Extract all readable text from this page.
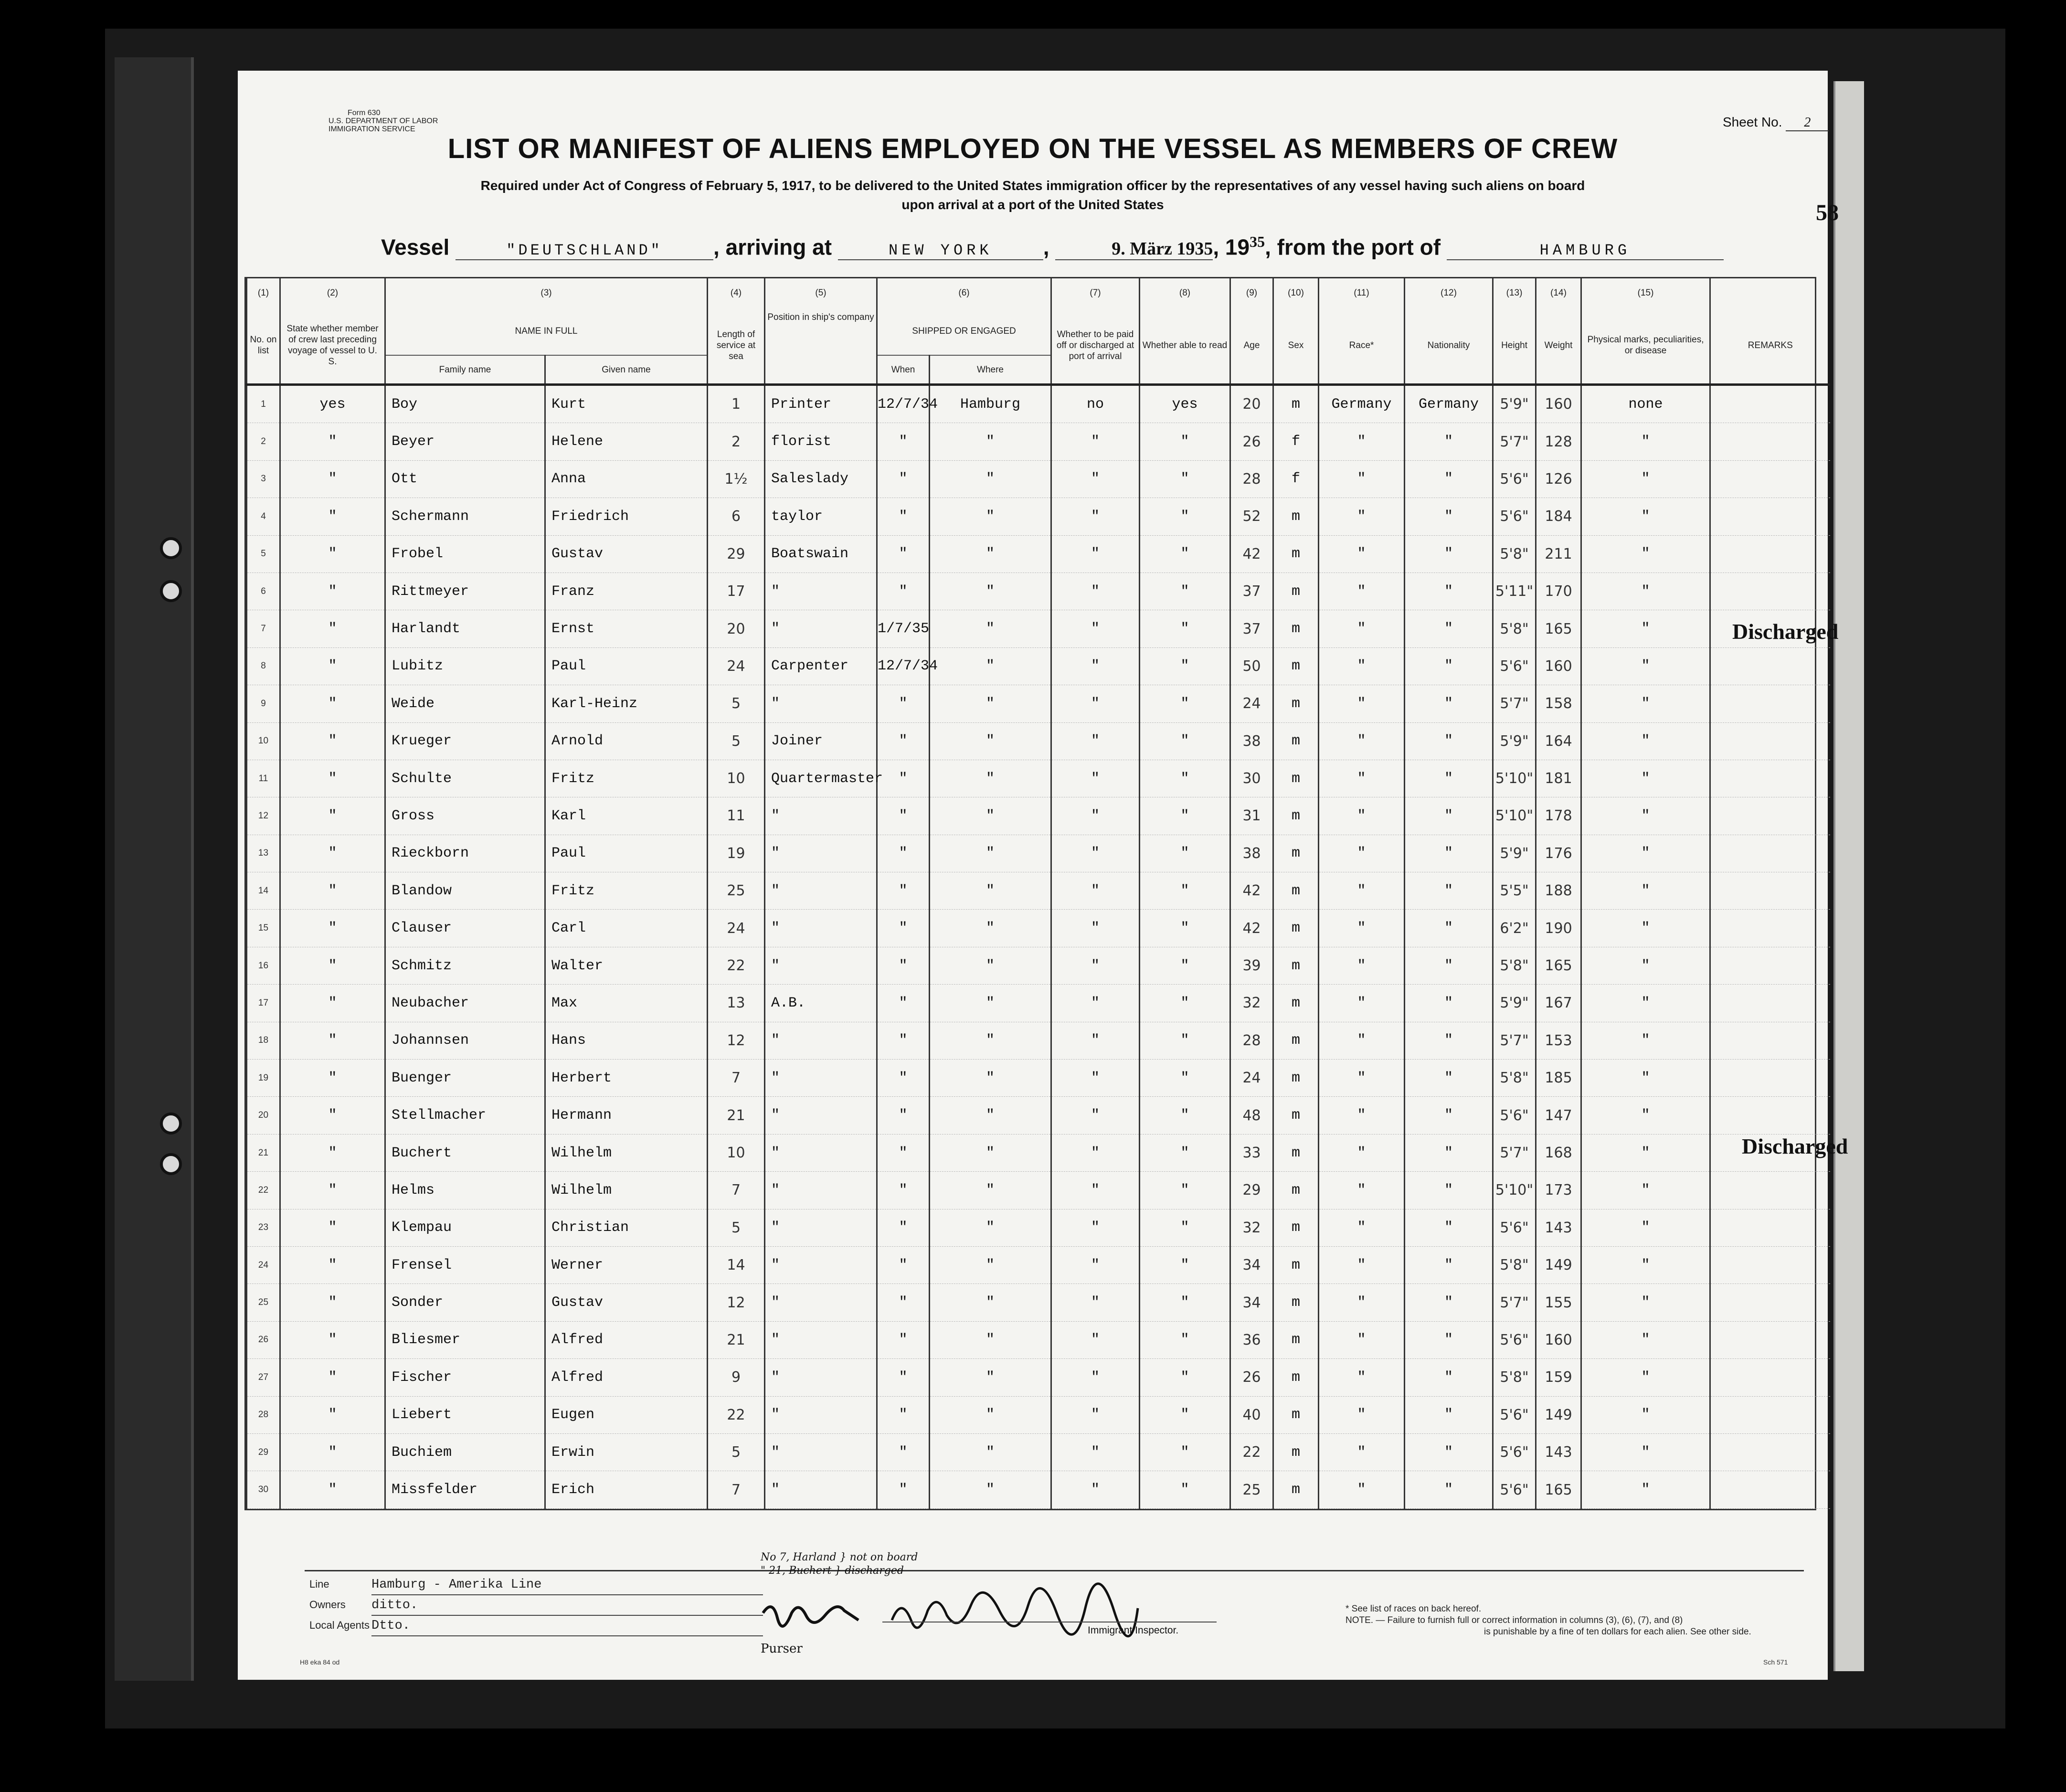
Form 630
U.S. DEPARTMENT OF LABOR
IMMIGRATION SERVICE	Sheet No. 2
58
LIST OR MANIFEST OF ALIENS EMPLOYED ON THE VESSEL AS MEMBERS OF CREW
Required under Act of Congress of February 5, 1917, to be delivered to the United States immigration officer by the representatives of any vessel having such aliens on board
upon arrival at a port of the United States
Vessel	"DEUTSCHLAND" , arriving at	NEW YORK ,	9. März 1935, $19^{35}$, from the port of	HAMBURG
(1)	(2)	(3)		(4)	(5)	(6)		(7)	(8)	(9)	(10)	(11)	(12)	(13)	(14)	(15)	
No. on list	State whether member of crew last preceding voyage of vessel to U. S.	NAME IN FULL		Length of service at sea	Position in ship's company	SHIPPED OR ENGAGED		Whether to be paid off or discharged at port of arrival	Whether able to read	Age	Sex	Race*	Nationality	Height	Weight	Physical marks, peculiarities, or disease	REMARKS
		Family name	Given name			When	Where										
1	yes	Boy	Kurt	1	Printer	12/7/34	Hamburg	no	yes	20	m	Germany	Germany	5'9"	160	none	
2	"	Beyer	Helene	2	florist	"	"	"	"	26	f	"	"	5'7"	128	"	
3	"	Ott	Anna	1½	Saleslady	"	"	"	"	28	f	"	"	5'6"	126	"	
4	"	Schermann	Friedrich	6	taylor	"	"	"	"	52	m	"	"	5'6"	184	"	
5	"	Frobel	Gustav	29	Boatswain	"	"	"	"	42	m	"	"	5'8"	211	"	
6	"	Rittmeyer	Franz	17	"	"	"	"	"	37	m	"	"	5'11"	170	"	
7	"	Harlandt	Ernst	20	"	1/7/35	"	"	"	37	m	"	"	5'8"	165	"	
8	"	Lubitz	Paul	24	Carpenter	12/7/34	"	"	"	50	m	"	"	5'6"	160	"	
9	"	Weide	Karl-Heinz	5	"	"	"	"	"	24	m	"	"	5'7"	158	"	
10	"	Krueger	Arnold	5	Joiner	"	"	"	"	38	m	"	"	5'9"	164	"	
11	"	Schulte	Fritz	10	Quartermaster	"	"	"	"	30	m	"	"	5'10"	181	"	
12	"	Gross	Karl	11	"	"	"	"	"	31	m	"	"	5'10"	178	"	
13	"	Rieckborn	Paul	19	"	"	"	"	"	38	m	"	"	5'9"	176	"	
14	"	Blandow	Fritz	25	"	"	"	"	"	42	m	"	"	5'5"	188	"	
15	"	Clauser	Carl	24	"	"	"	"	"	42	m	"	"	6'2"	190	"	
16	"	Schmitz	Walter	22	"	"	"	"	"	39	m	"	"	5'8"	165	"	
17	"	Neubacher	Max	13	A.B.	"	"	"	"	32	m	"	"	5'9"	167	"	
18	"	Johannsen	Hans	12	"	"	"	"	"	28	m	"	"	5'7"	153	"	
19	"	Buenger	Herbert	7	"	"	"	"	"	24	m	"	"	5'8"	185	"	
20	"	Stellmacher	Hermann	21	"	"	"	"	"	48	m	"	"	5'6"	147	"	
21	"	Buchert	Wilhelm	10	"	"	"	"	"	33	m	"	"	5'7"	168	"	
22	"	Helms	Wilhelm	7	"	"	"	"	"	29	m	"	"	5'10"	173	"	
23	"	Klempau	Christian	5	"	"	"	"	"	32	m	"	"	5'6"	143	"	
24	"	Frensel	Werner	14	"	"	"	"	"	34	m	"	"	5'8"	149	"	
25	"	Sonder	Gustav	12	"	"	"	"	"	34	m	"	"	5'7"	155	"	
26	"	Bliesmer	Alfred	21	"	"	"	"	"	36	m	"	"	5'6"	160	"	
27	"	Fischer	Alfred	9	"	"	"	"	"	26	m	"	"	5'8"	159	"	
28	"	Liebert	Eugen	22	"	"	"	"	"	40	m	"	"	5'6"	149	"	
29	"	Buchiem	Erwin	5	"	"	"	"	"	22	m	"	"	5'6"	143	"	
30	"	Missfelder	Erich	7	"	"	"	"	"	25	m	"	"	5'6"	165	"	
Discharged
Discharged
Line	Hamburg - Amerika Line
Owners ditto.
Local Agents Dtto.
No 7, Harland } not on board
" 21, Buchert } discharged
Purser
Immigrant Inspector.
* See list of races on back hereof.
NOTE. — Failure to furnish full or correct information in columns (3), (6), (7), and (8)
is punishable by a fine of ten dollars for each alien. See other side.
H8 eka 84 od	Sch 571
